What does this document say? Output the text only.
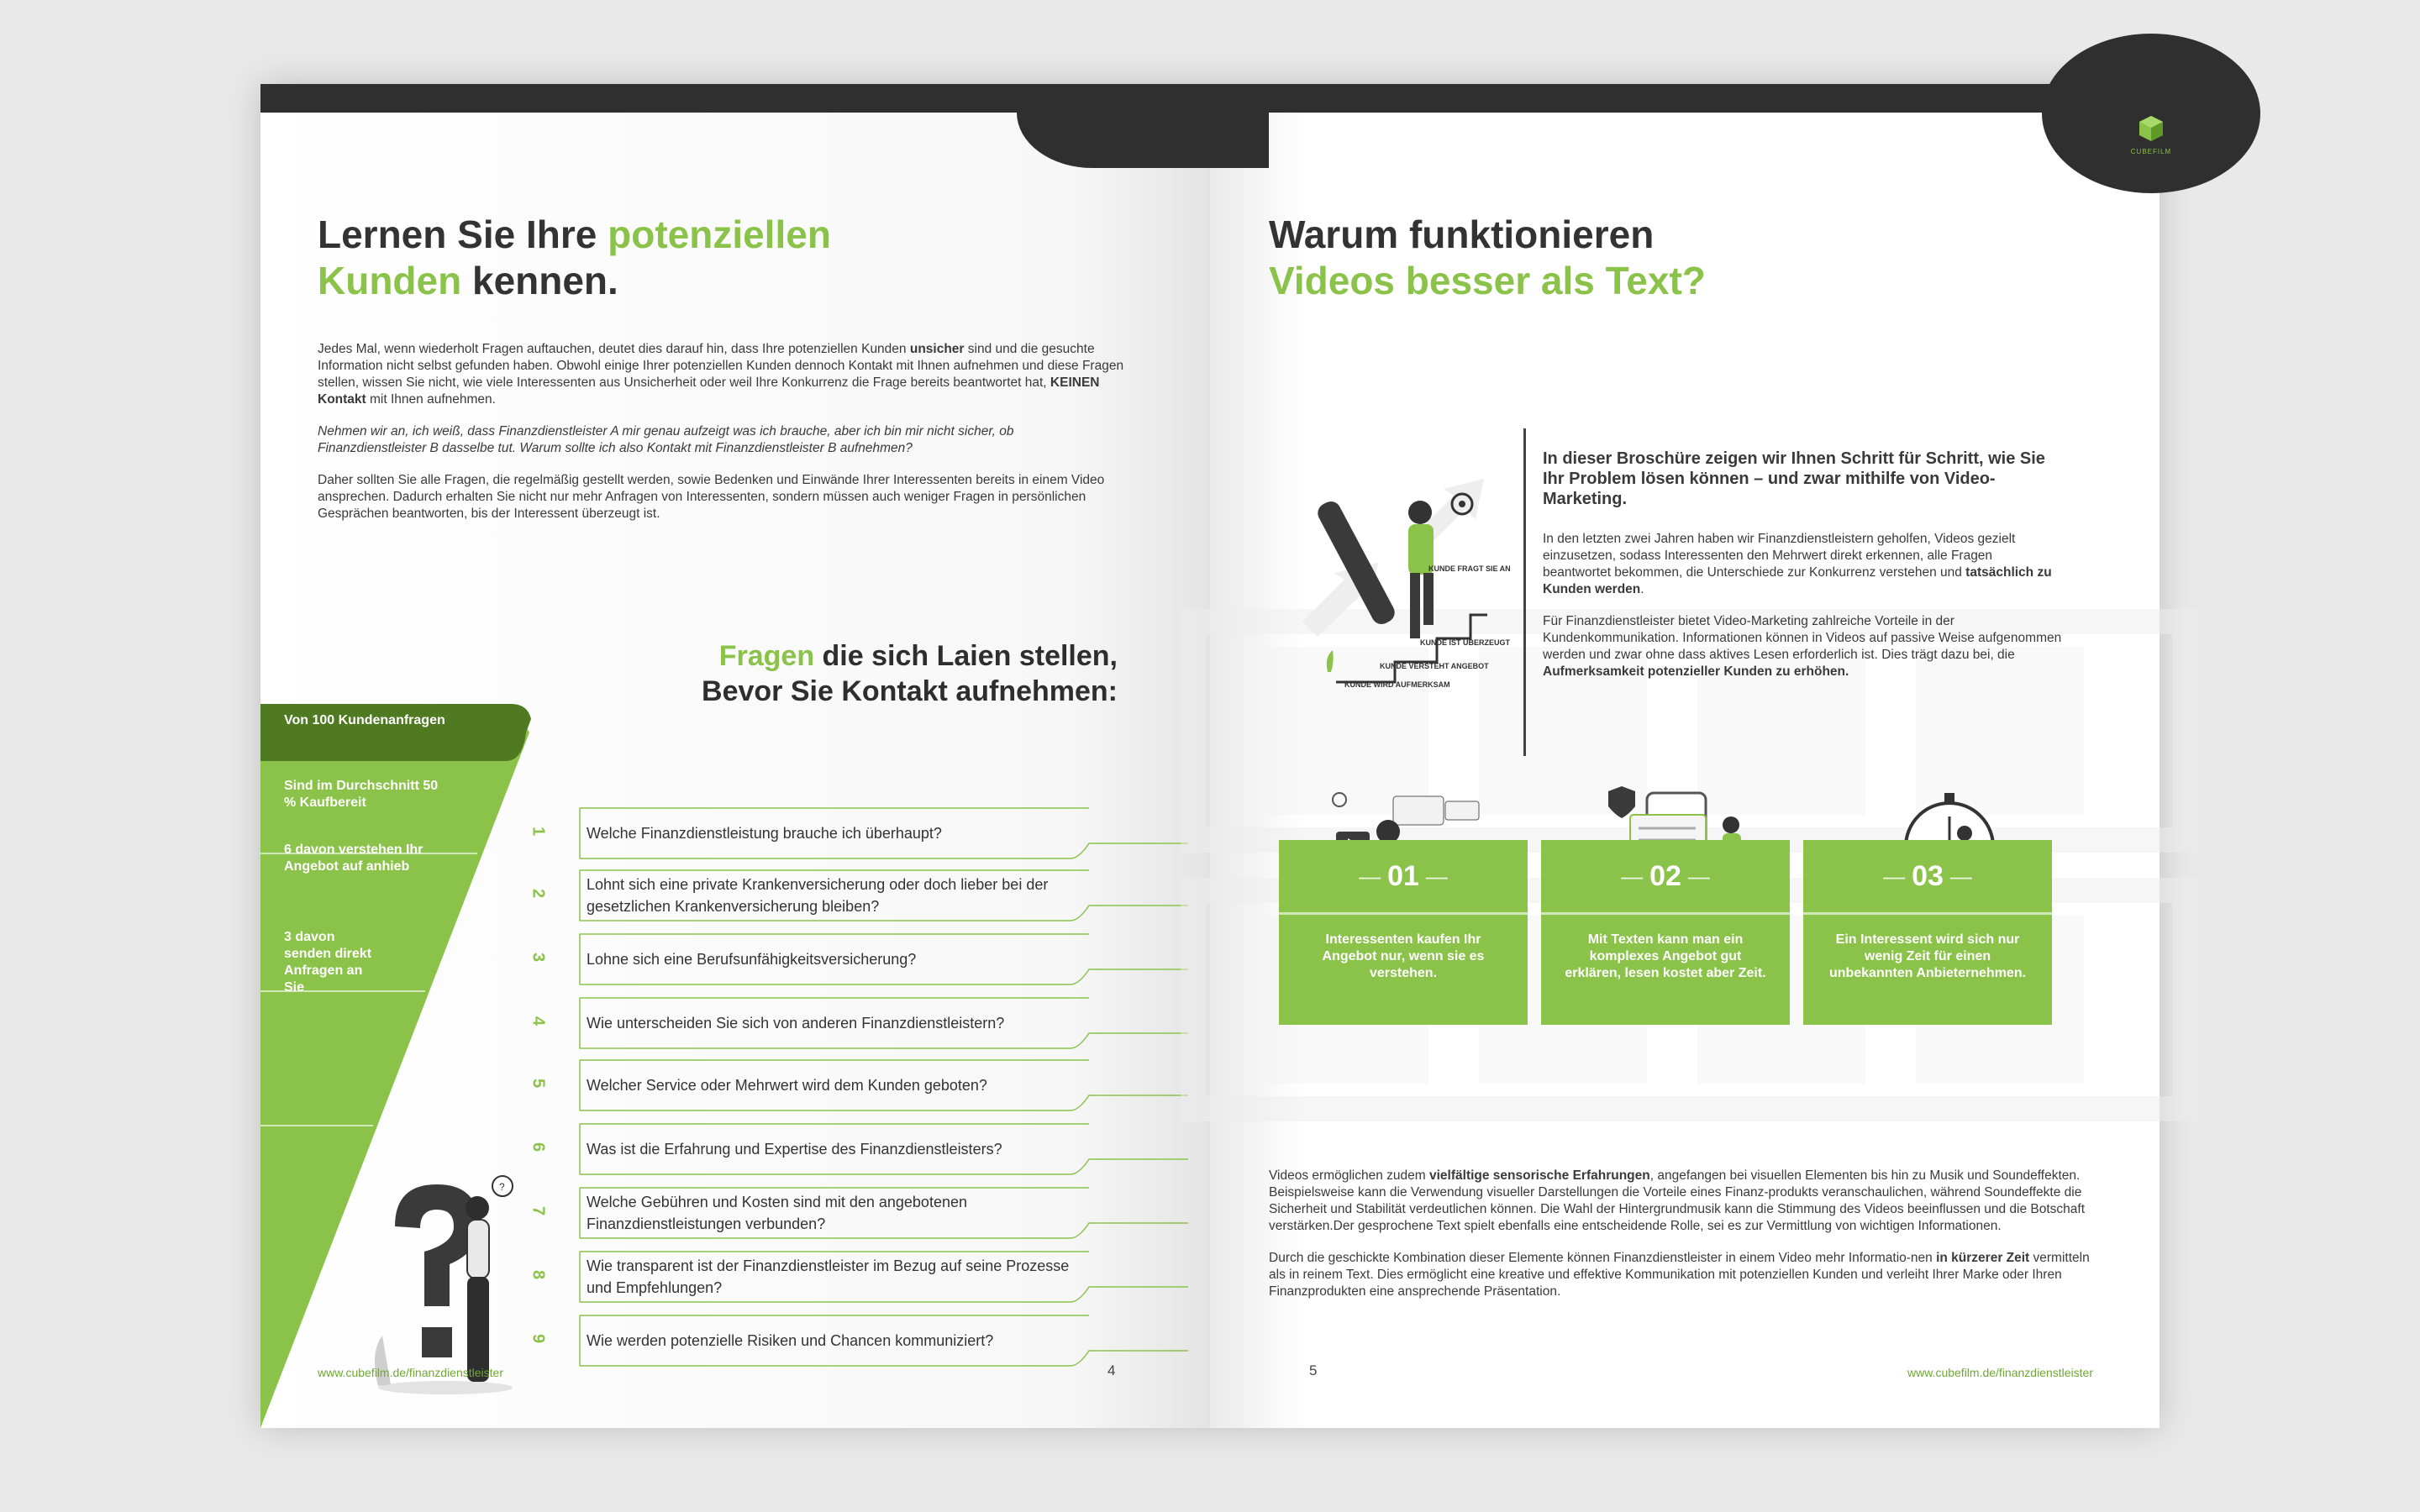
Lernen Sie Ihre potenziellen
Kunden kennen.

Jedes Mal, wenn wiederholt Fragen auftauchen, deutet dies darauf hin, dass Ihre potenziellen Kunden unsicher sind und die gesuchte Information nicht selbst gefunden haben. Obwohl einige Ihrer potenziellen Kunden dennoch Kontakt mit Ihnen aufnehmen und diese Fragen stellen, wissen Sie nicht, wie viele Interessenten aus Unsicherheit oder weil Ihre Konkurrenz die Frage bereits beantwortet hat, KEINEN Kontakt mit Ihnen aufnehmen.

Nehmen wir an, ich weiß, dass Finanzdienstleister A mir genau aufzeigt was ich brauche, aber ich bin mir nicht sicher, ob Finanzdienstleister B dasselbe tut. Warum sollte ich also Kontakt mit Finanzdienstleister B aufnehmen?

Daher sollten Sie alle Fragen, die regelmäßig gestellt werden, sowie Bedenken und Einwände Ihrer Interessenten bereits in einem Video ansprechen. Dadurch erhalten Sie nicht nur mehr Anfragen von Interessenten, sondern müssen auch weniger Fragen in persönlichen Gesprächen beantworten, bis der Interessent überzeugt ist.

Fragen die sich Laien stellen,
Bevor Sie Kontakt aufnehmen:
Von 100 Kundenanfragen
Sind im Durchschnitt 50 % Kaufbereit
6 davon verstehen Ihr Angebot auf anhieb
3 davon senden direkt Anfragen an Sie
1	Welche Finanzdienstleistung brauche ich überhaupt?
2
Lohnt sich eine private Krankenversicherung oder doch lieber bei der gesetzlichen Krankenversicherung bleiben?
3	Lohne sich eine Berufsunfähigkeitsversicherung?
4	Wie unterscheiden Sie sich von anderen Finanzdienstleistern?
5	Welcher Service oder Mehrwert wird dem Kunden geboten?
6	Was ist die Erfahrung und Expertise des Finanzdienstleisters?
7
Welche Gebühren und Kosten sind mit den angebotenen Finanzdienstleistungen verbunden?
8
Wie transparent ist der Finanzdienstleister im Bezug auf seine Prozesse und Empfehlungen?
9	Wie werden potenzielle Risiken und Chancen kommuniziert?
?
www.cubefilm.de/finanzdienstleister	4
CUBEFILM
Warum funktionieren
Videos besser als Text?
KUNDE FRAGT SIE AN
KUNDE IST ÜBERZEUGT
KUNDE VERSTEHT ANGEBOT
KUNDE WIRD AUFMERKSAM

In dieser Broschüre zeigen wir Ihnen Schritt für Schritt, wie Sie Ihr Problem lösen können – und zwar mithilfe von Video-Marketing.

In den letzten zwei Jahren haben wir Finanzdienstleistern geholfen, Videos gezielt einzusetzen, sodass Interessenten den Mehrwert direkt erkennen, alle Fragen beantwortet bekommen, die Unterschiede zur Konkurrenz verstehen und tatsächlich zu Kunden werden.

Für Finanzdienstleister bietet Video-Marketing zahlreiche Vorteile in der Kundenkommunikation. Informationen können in Videos auf passive Weise aufgenommen werden und zwar ohne dass aktives Lesen erforderlich ist. Dies trägt dazu bei, die Aufmerksamkeit potenzieller Kunden zu erhöhen.

— 01 —
Interessenten kaufen Ihr Angebot nur, wenn sie es verstehen.
— 02 —
Mit Texten kann man ein komplexes Angebot gut erklären, lesen kostet aber Zeit.
— 03 —
Ein Interessent wird sich nur wenig Zeit für einen unbekannten Anbieternehmen.

Videos ermöglichen zudem vielfältige sensorische Erfahrungen, angefangen bei visuellen Elementen bis hin zu Musik und Soundeffekten. Beispielsweise kann die Verwendung visueller Darstellungen die Vorteile eines Finanz-produkts veranschaulichen, während Soundeffekte die Sicherheit und Stabilität verdeutlichen können. Die Wahl der Hintergrundmusik kann die Stimmung des Videos beeinflussen und die Botschaft verstärken.Der gesprochene Text spielt ebenfalls eine entscheidende Rolle, sei es zur Vermittlung von wichtigen Informationen.

Durch die geschickte Kombination dieser Elemente können Finanzdienstleister in einem Video mehr Informatio-nen in kürzerer Zeit vermitteln als in reinem Text. Dies ermöglicht eine kreative und effektive Kommunikation mit potenziellen Kunden und verleiht Ihrer Marke oder Ihren Finanzprodukten eine ansprechende Präsentation.

5	www.cubefilm.de/finanzdienstleister
